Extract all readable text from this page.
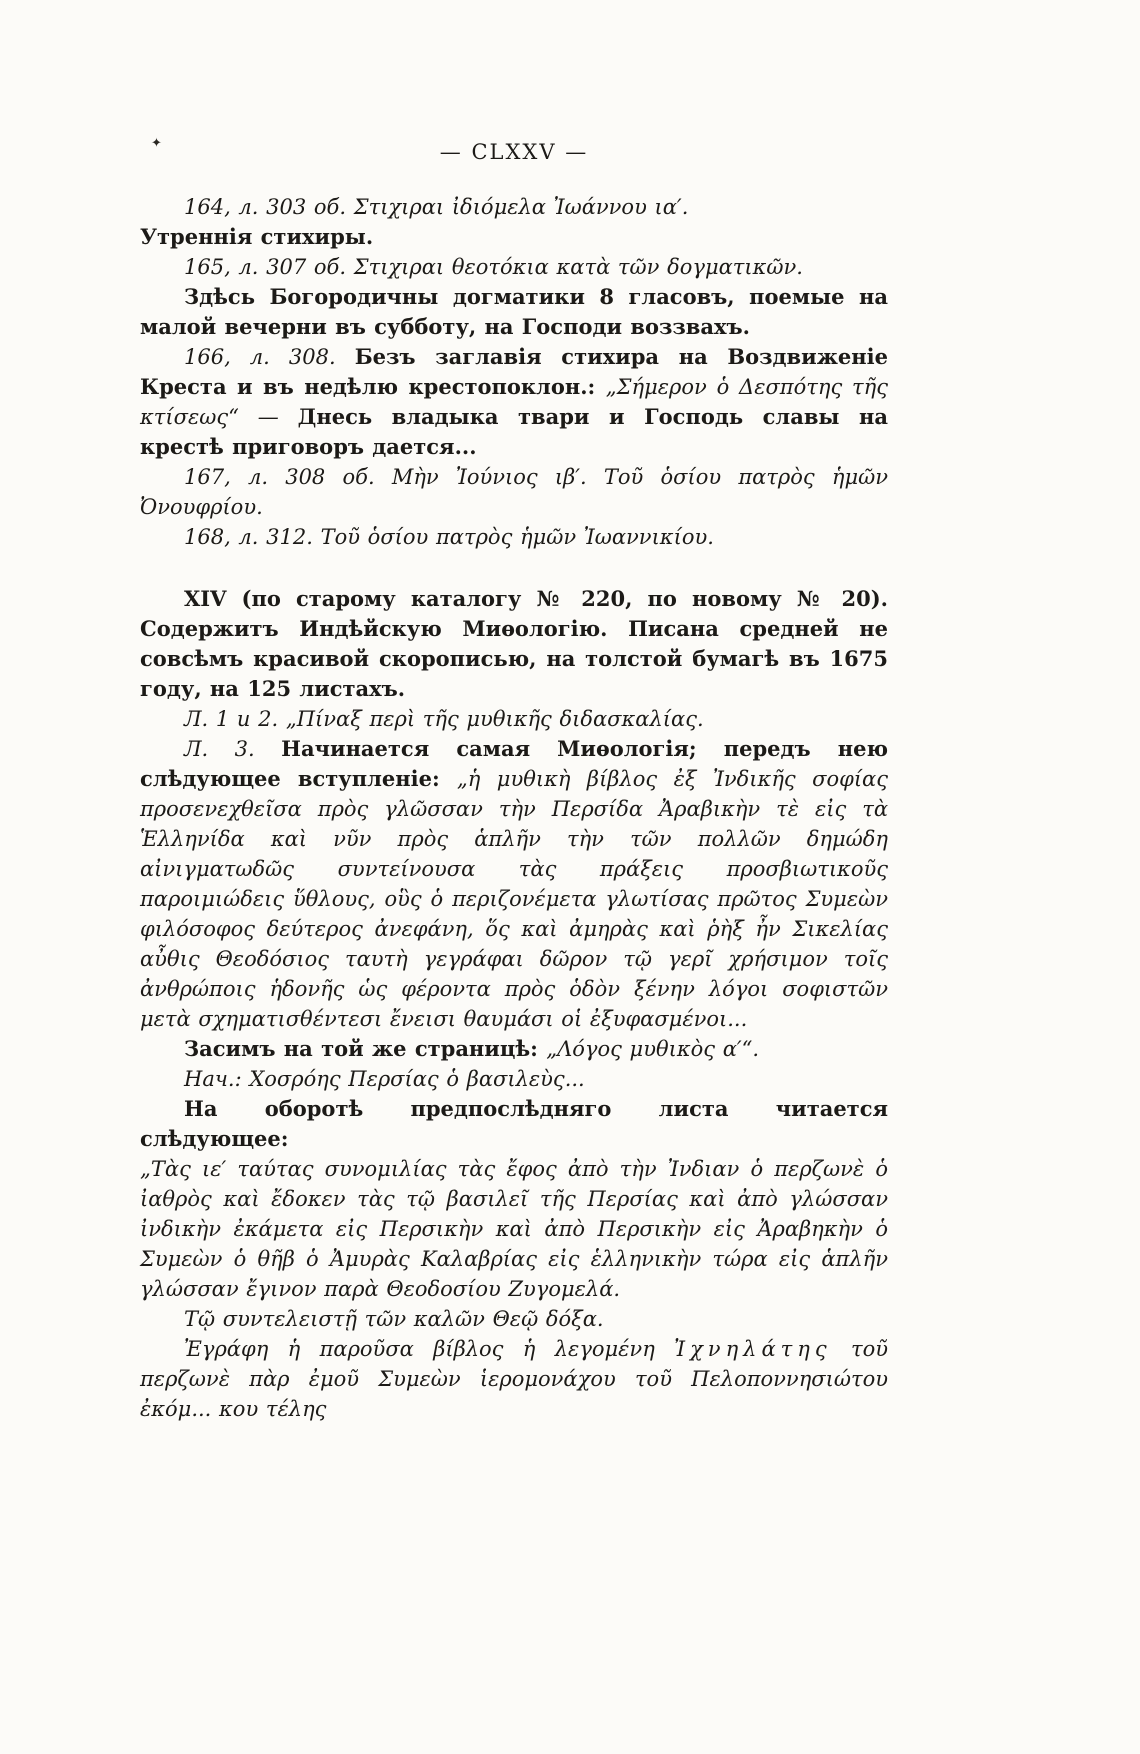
✦	— CLXXV —

164, л. 303 об. Στιχιραι ἰδιόμελα Ἰωάννου ια′.

Утреннія стихиры.

165, л. 307 об. Στιχιραι θεοτόκια κατὰ τῶν δογματικῶν.

Здѣсь Богородичны догматики 8 гласовъ, поемые на малой вечерни въ субботу, на Господи воззвахъ.

166, л. 308. Безъ заглавія стихира на Воздвиженіе Креста и въ недѣлю крестопоклон.: „Σήμερον ὁ Δεσπότης τῆς κτίσεως“ — Днесь владыка твари и Господь славы на крестѣ приговоръ дается...

167, л. 308 об. Μὴν Ἰούνιος ιβ′. Τοῦ ὁσίου πατρὸς ἡμῶν Ὀνουφρίου.

168, л. 312. Τοῦ ὁσίου πατρὸς ἡμῶν Ἰωαννικίου.

XIV (по старому каталогу № 220, по новому № 20). Содержитъ Индѣйскую Миѳологію. Писана средней не совсѣмъ красивой скорописью, на толстой бумагѣ въ 1675 году, на 125 листахъ.

Л. 1 и 2. „Πίναξ περὶ τῆς μυθικῆς διδασκαλίας.

Л. 3. Начинается самая Миѳологія; передъ нею слѣдующее вступленіе: „ἡ μυθικὴ βίβλος ἐξ Ἰνδικῆς σοφίας προσενεχθεῖσα πρὸς γλῶσσαν τὴν Περσίδα Ἀραβικὴν τὲ εἰς τὰ Ἑλληνίδα καὶ νῦν πρὸς ἁπλῆν τὴν τῶν πολλῶν δημώδη αἰνιγματωδῶς συντείνουσα τὰς πράξεις προσβιωτικοῦς παροιμιώδεις ὕθλους, οὓς ὁ περιζονέμετα γλωτίσας πρῶτος Συμεὼν φιλόσοφος δεύτερος ἀνεφάνη, ὅς καὶ ἀμηρὰς καὶ ῥὴξ ἦν Σικελίας αὖθις Θεοδόσιος ταυτὴ γεγράφαι δῶρον τῷ γερῖ χρήσιμον τοῖς ἀνθρώποις ἡδονῆς ὡς φέροντα πρὸς ὁδὸν ξένην λόγοι σοφιστῶν μετὰ σχηματισθέντεσι ἔνεισι θαυμάσι οἱ ἐξυφασμένοι...

Засимъ на той же страницѣ: „Λόγος μυθικὸς α′“.

Нач.: Χοσρόης Περσίας ὁ βασιλεὺς...

На оборотѣ предпослѣдняго листа читается слѣдующее:

„Τὰς ιε′ ταύτας συνομιλίας τὰς ἔφος ἀπὸ τὴν Ἰνδιαν ὁ περζωνὲ ὁ ἰαθρὸς καὶ ἔδοκεν τὰς τῷ βασιλεῖ τῆς Περσίας καὶ ἀπὸ γλώσσαν ἰνδικὴν ἐκάμετα εἰς Περσικὴν καὶ ἀπὸ Περσικὴν εἰς Ἀραβηκὴν ὁ Συμεὼν ὁ θῆβ ὁ Ἀμυρὰς Καλαβρίας εἰς ἑλληνικὴν τώρα εἰς ἁπλῆν γλώσσαν ἔγινον παρὰ Θεοδοσίου Ζυγομελά.

Τῷ συντελειστῇ τῶν καλῶν Θεῷ δόξα.

Ἐγράφη ἡ παροῦσα βίβλος ἡ λεγομένη Ἰχνηλάτης τοῦ περζωνὲ πὰρ ἐμοῦ Συμεὼν ἱερομονάχου τοῦ Πελοποννησιώτου ἐκόμ... κου τέλης
